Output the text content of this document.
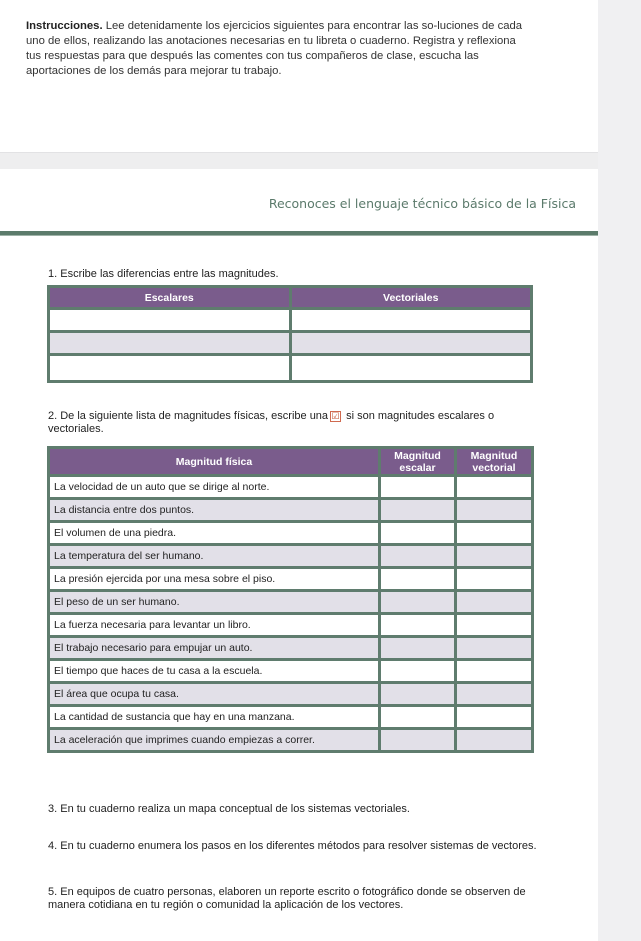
Instrucciones. Lee detenidamente los ejercicios siguientes para encontrar las so-luciones de cada uno de ellos, realizando las anotaciones necesarias en tu libreta o cuaderno. Registra y reflexiona tus respuestas para que después las comentes con tus compañeros de clase, escucha las aportaciones de los demás para mejorar tu trabajo.

Reconoces el lenguaje técnico básico de la Física
1. Escribe las diferencias entre las magnitudes.
Escalares	Vectoriales

2. De la siguiente lista de magnitudes físicas, escribe una ☑ si son magnitudes escalares o vectoriales.
Magnitud física	Magnitud escalar	Magnitud vectorial
La velocidad de un auto que se dirige al norte.		
La distancia entre dos puntos.		
El volumen de una piedra.		
La temperatura del ser humano.		
La presión ejercida por una mesa sobre el piso.		
El peso de un ser humano.		
La fuerza necesaria para levantar un libro.		
El trabajo necesario para empujar un auto.		
El tiempo que haces de tu casa a la escuela.		
El área que ocupa tu casa.		
La cantidad de sustancia que hay en una manzana.		
La aceleración que imprimes cuando empiezas a correr.		
3. En tu cuaderno realiza un mapa conceptual de los sistemas vectoriales.
4. En tu cuaderno enumera los pasos en los diferentes métodos para resolver sistemas de vectores.
5. En equipos de cuatro personas, elaboren un reporte escrito o fotográfico donde se observen de manera cotidiana en tu región o comunidad la aplicación de los vectores.
